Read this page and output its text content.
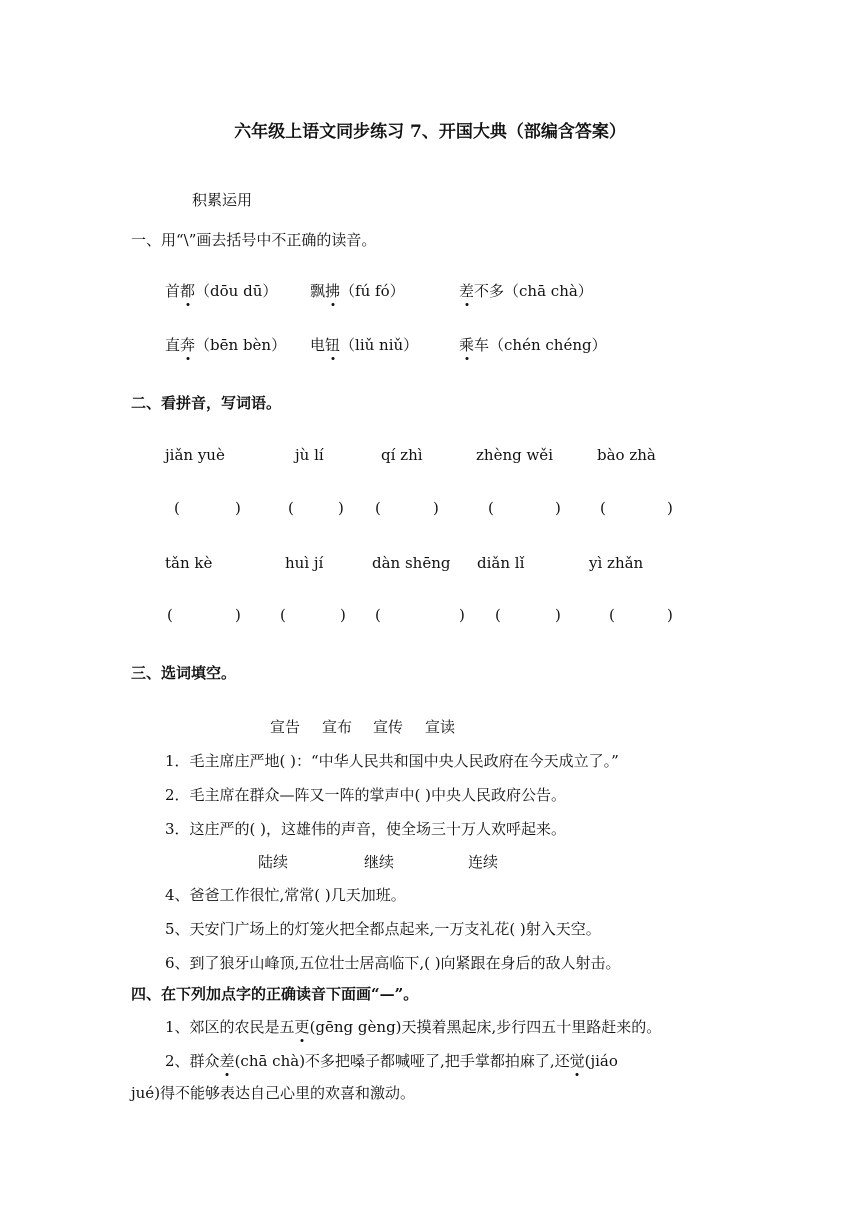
六年级上语文同步练习 7、开国大典（部编含答案）
积累运用
一、用“\”画去括号中不正确的读音。
首都（dōu dū） 飘拂（fú fó）	差不多（chā chà）
直奔（bēn bèn） 电钮（liǔ niǔ）	乘车（chén chéng）
二、看拼音，写词语。
jiǎn yuè	jù lí	qí zhì	zhèng wěi	bào zhà
(	)	(	) (	)	(	)	(	)
tǎn kè	huì jí	dàn shēng diǎn lǐ	yì zhǎn
(	)	(	) (	) (	)	(	)
三、选词填空。
宣告 宣布 宣传 宣读
1．毛主席庄严地( )：“中华人民共和国中央人民政府在今天成立了。”
2．毛主席在群众—阵又一阵的掌声中( )中央人民政府公告。
3．这庄严的( )，这雄伟的声音，使全场三十万人欢呼起来。
陆续	继续	连续
4、爸爸工作很忙,常常( )几天加班。
5、天安门广场上的灯笼火把全都点起来,一万支礼花( )射入天空。
6、到了狼牙山峰顶,五位壮士居高临下,( )向紧跟在身后的敌人射击。
四、在下列加点字的正确读音下面画“—”。
1、郊区的农民是五更(gēng gèng)天摸着黑起床,步行四五十里路赶来的。
2、群众差(chā chà)不多把嗓子都喊哑了,把手掌都拍麻了,还觉(jiáo
jué)得不能够表达自己心里的欢喜和激动。
